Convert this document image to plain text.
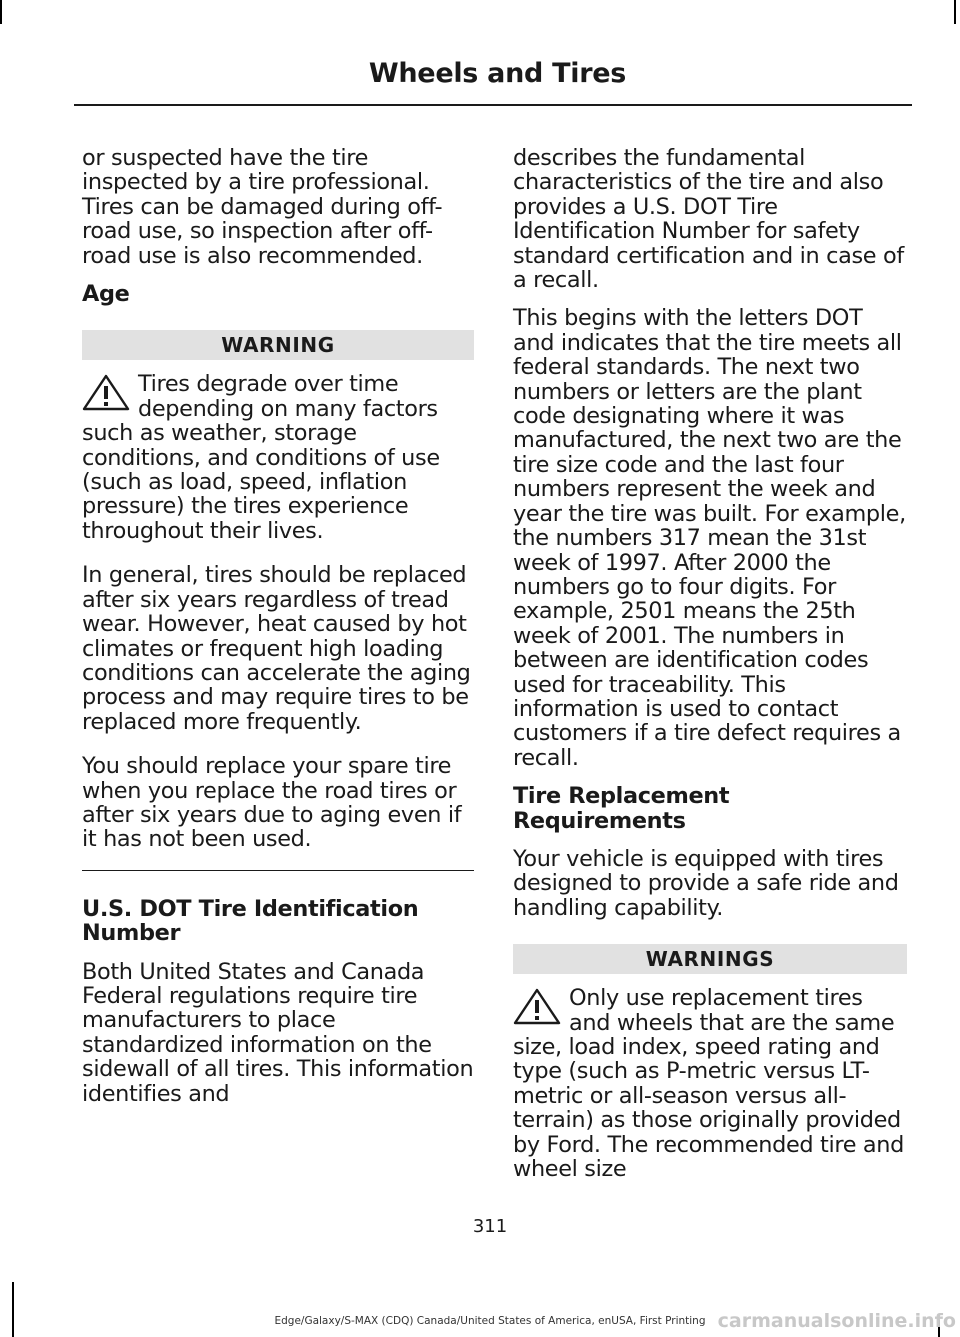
Wheels and Tires

or suspected have the tire inspected by a tire professional. Tires can be damaged during off-road use, so inspection after off-road use is also recommended.

Age
WARNING

Tires degrade over time depending on many factors such as weather, storage conditions, and conditions of use (such as load, speed, inflation pressure) the tires experience throughout their lives.

In general, tires should be replaced after six years regardless of tread wear. However, heat caused by hot climates or frequent high loading conditions can accelerate the aging process and may require tires to be replaced more frequently.

You should replace your spare tire when you replace the road tires or after six years due to aging even if it has not been used.

U.S. DOT Tire Identification Number

Both United States and Canada Federal regulations require tire manufacturers to place standardized information on the sidewall of all tires. This information identifies and

describes the fundamental characteristics of the tire and also provides a U.S. DOT Tire Identification Number for safety standard certification and in case of a recall.

This begins with the letters DOT and indicates that the tire meets all federal standards. The next two numbers or letters are the plant code designating where it was manufactured, the next two are the tire size code and the last four numbers represent the week and year the tire was built. For example, the numbers 317 mean the 31st week of 1997. After 2000 the numbers go to four digits. For example, 2501 means the 25th week of 2001. The numbers in between are identification codes used for traceability. This information is used to contact customers if a tire defect requires a recall.

Tire Replacement Requirements

Your vehicle is equipped with tires designed to provide a safe ride and handling capability.

WARNINGS

Only use replacement tires and wheels that are the same size, load index, speed rating and type (such as P-metric versus LT-metric or all-season versus all-terrain) as those originally provided by Ford. The recommended tire and wheel size

311
Edge/Galaxy/S-MAX (CDQ) Canada/United States of America, enUSA, First Printing carmanualsonline.info
